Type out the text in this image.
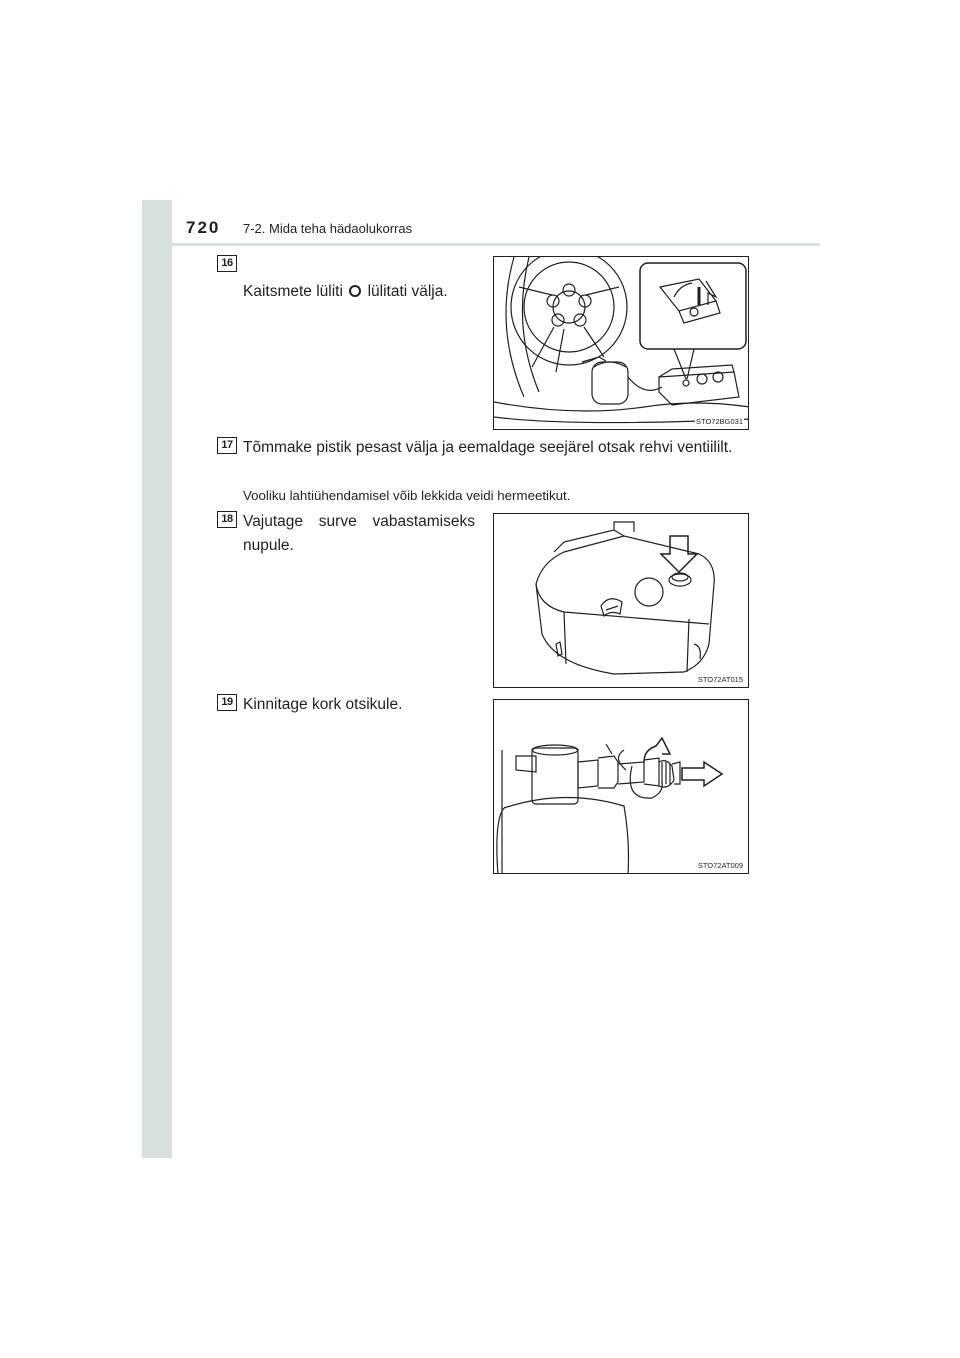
720 7-2. Mida teha hädaolukorras
16
Kaitsmete lüliti lülitati välja.
STO72BG031
17 Tõmmake pistik pesast välja ja eemaldage seejärel otsak rehvi ventiililt.
Vooliku lahtiühendamisel võib lekkida veidi hermeetikut.
18 Vajutage surve vabastamiseks nupule.
STO72AT015
19 Kinnitage kork otsikule.
STO72AT009
